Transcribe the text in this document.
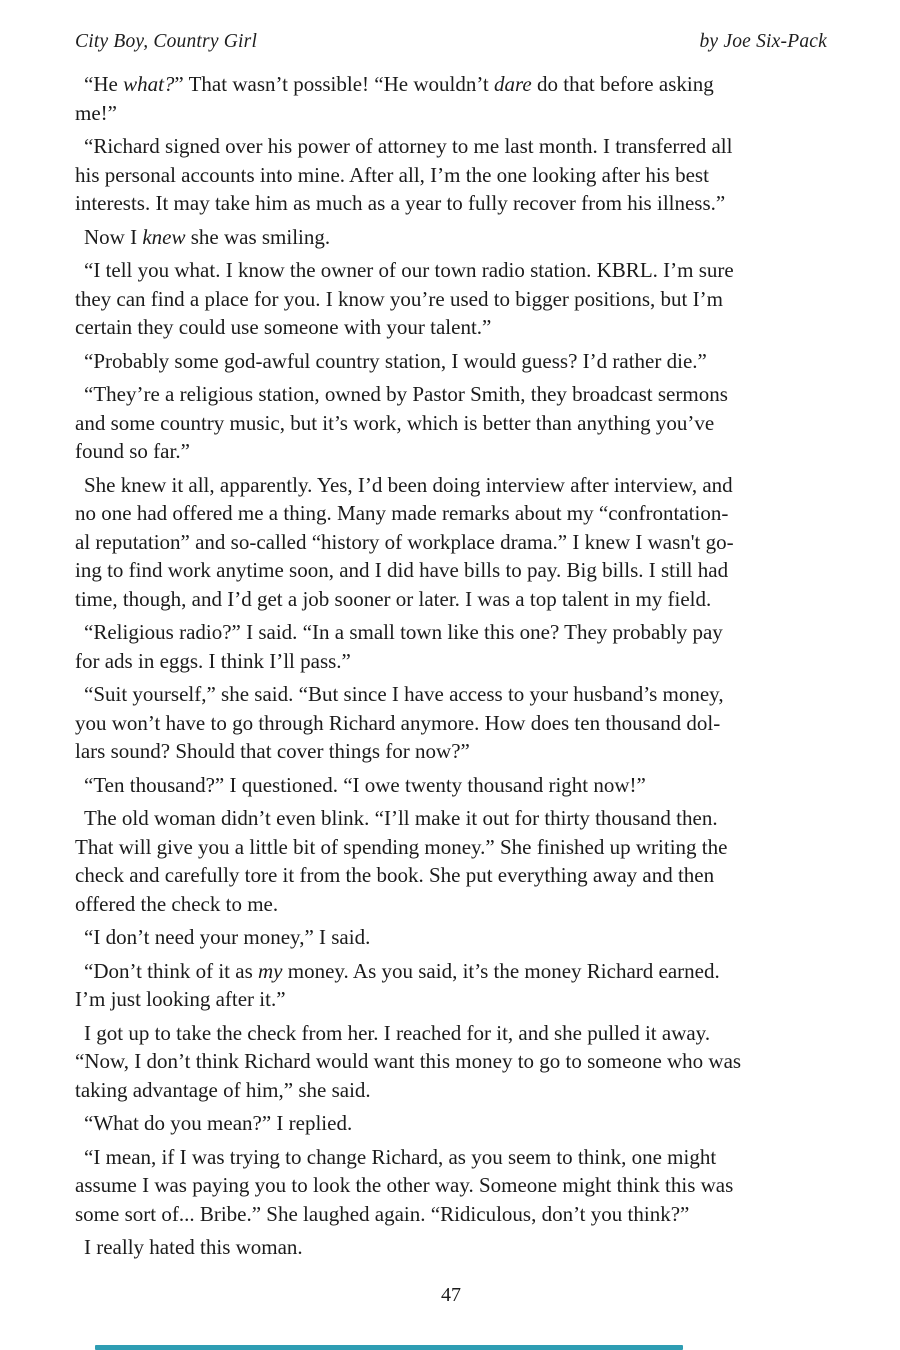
City Boy, Country Girl	by Joe Six-Pack

“He what?” That wasn’t possible! “He wouldn’t dare do that before asking
me!”

“Richard signed over his power of attorney to me last month. I transferred all
his personal accounts into mine. After all, I’m the one looking after his best
interests. It may take him as much as a year to fully recover from his illness.”

Now I knew she was smiling.

“I tell you what. I know the owner of our town radio station. KBRL. I’m sure
they can find a place for you. I know you’re used to bigger positions, but I’m
certain they could use someone with your talent.”

“Probably some god-awful country station, I would guess? I’d rather die.”

“They’re a religious station, owned by Pastor Smith, they broadcast sermons
and some country music, but it’s work, which is better than anything you’ve
found so far.”

She knew it all, apparently. Yes, I’d been doing interview after interview, and
no one had offered me a thing. Many made remarks about my “confrontation-
al reputation” and so-called “history of workplace drama.” I knew I wasn't go-
ing to find work anytime soon, and I did have bills to pay. Big bills. I still had
time, though, and I’d get a job sooner or later. I was a top talent in my field.

“Religious radio?” I said. “In a small town like this one? They probably pay
for ads in eggs. I think I’ll pass.”

“Suit yourself,” she said. “But since I have access to your husband’s money,
you won’t have to go through Richard anymore. How does ten thousand dol-
lars sound? Should that cover things for now?”

“Ten thousand?” I questioned. “I owe twenty thousand right now!”

The old woman didn’t even blink. “I’ll make it out for thirty thousand then.
That will give you a little bit of spending money.” She finished up writing the
check and carefully tore it from the book. She put everything away and then
offered the check to me.

“I don’t need your money,” I said.

“Don’t think of it as my money. As you said, it’s the money Richard earned.
I’m just looking after it.”

I got up to take the check from her. I reached for it, and she pulled it away.
“Now, I don’t think Richard would want this money to go to someone who was
taking advantage of him,” she said.

“What do you mean?” I replied.

“I mean, if I was trying to change Richard, as you seem to think, one might
assume I was paying you to look the other way. Someone might think this was
some sort of... Bribe.” She laughed again. “Ridiculous, don’t you think?”

I really hated this woman.

47
